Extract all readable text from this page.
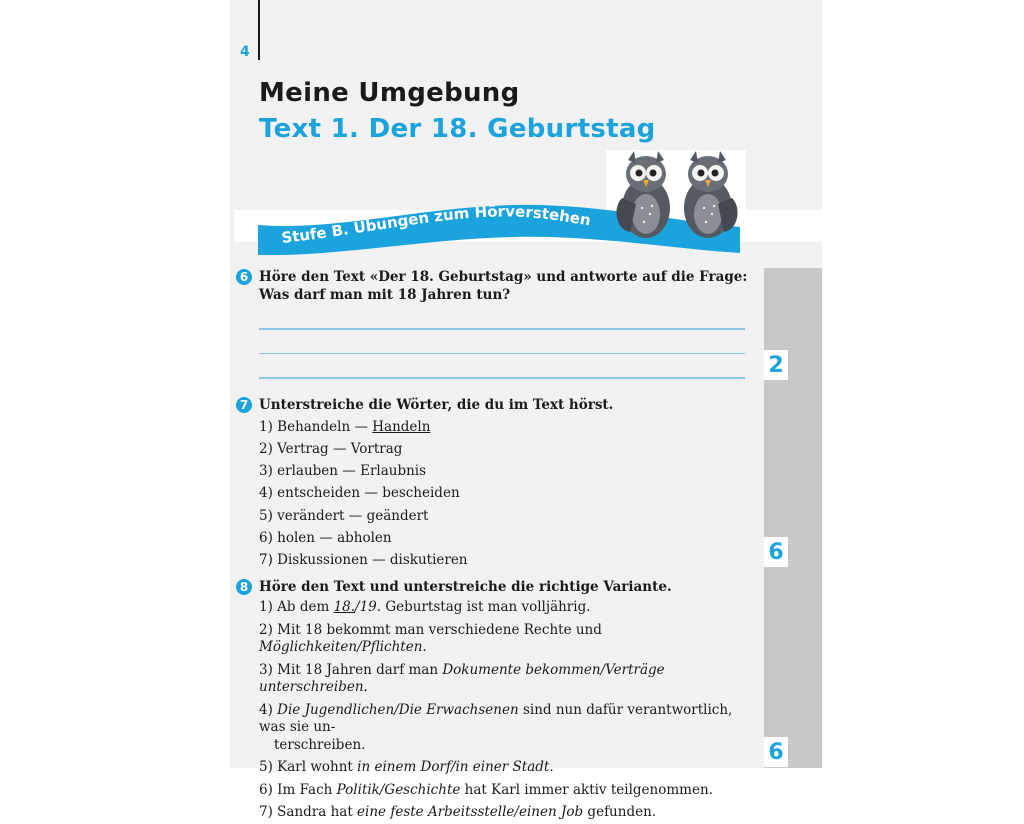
4
Meine Umgebung
Text 1. Der 18. Geburtstag
Stufe B. Übungen zum Hörverstehen
2
6
6
6 Höre den Text «Der 18. Geburtstag» und antworte auf die Frage: Was darf man mit 18 Jahren tun?
7 Unterstreiche die Wörter, die du im Text hörst.
1) Behandeln — Handeln
2) Vertrag — Vortrag
3) erlauben — Erlaubnis
4) entscheiden — bescheiden
5) verändert — geändert
6) holen — abholen
7) Diskussionen — diskutieren
8 Höre den Text und unterstreiche die richtige Variante.
1) Ab dem 18./19. Geburtstag ist man volljährig.
2) Mit 18 bekommt man verschiedene Rechte und Möglichkeiten/Pflichten.
3) Mit 18 Jahren darf man Dokumente bekommen/Verträge unterschreiben.
4) Die Jugendlichen/Die Erwachsenen sind nun dafür verantwortlich, was sie un-
terschreiben.
5) Karl wohnt in einem Dorf/in einer Stadt.
6) Im Fach Politik/Geschichte hat Karl immer aktiv teilgenommen.
7) Sandra hat eine feste Arbeitsstelle/einen Job gefunden.
